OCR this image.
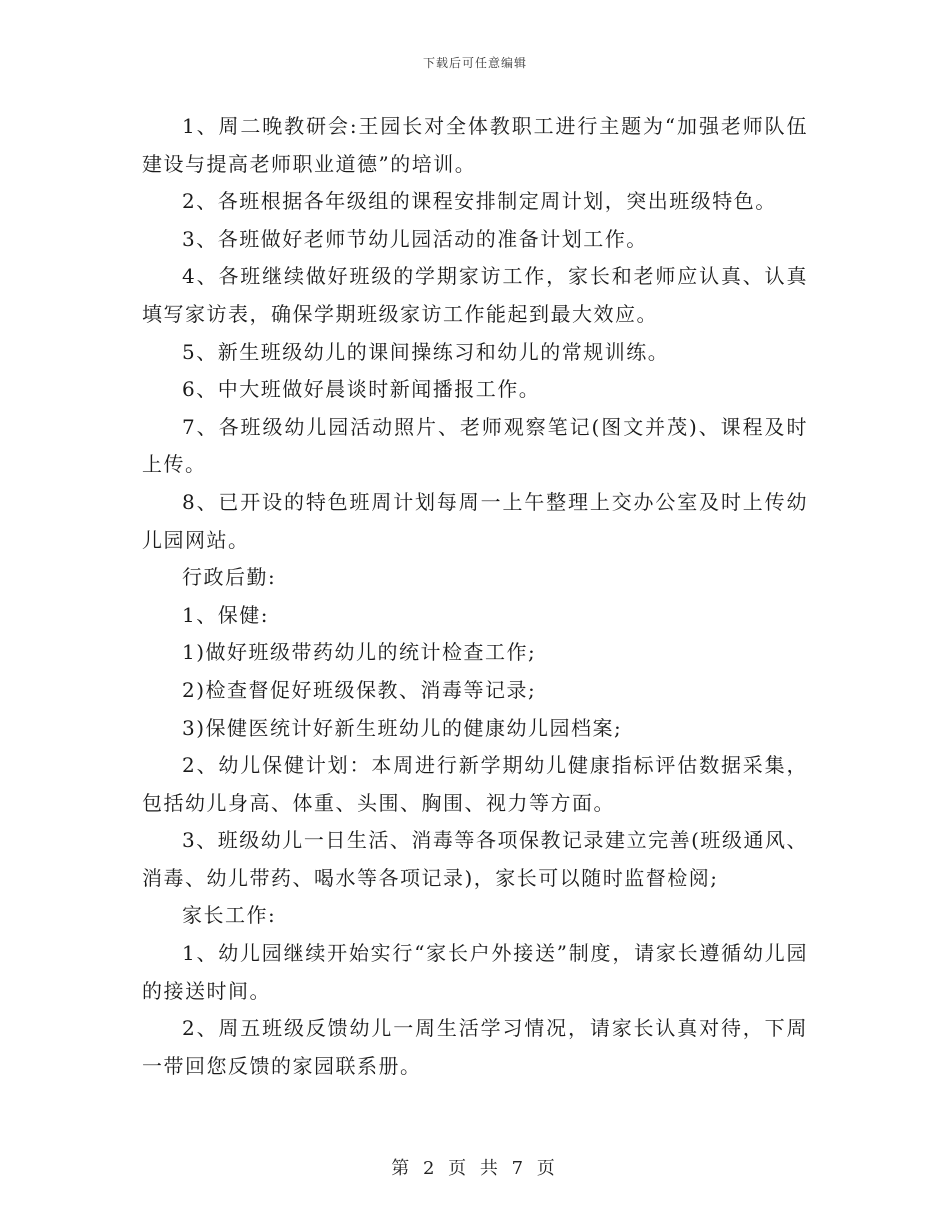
下载后可任意编辑

1、周二晚教研会:王园长对全体教职工进行主题为“加强老师队伍建设与提高老师职业道德”的培训。

2、各班根据各年级组的课程安排制定周计划，突出班级特色。

3、各班做好老师节幼儿园活动的准备计划工作。

4、各班继续做好班级的学期家访工作，家长和老师应认真、认真填写家访表，确保学期班级家访工作能起到最大效应。

5、新生班级幼儿的课间操练习和幼儿的常规训练。

6、中大班做好晨谈时新闻播报工作。

7、各班级幼儿园活动照片、老师观察笔记(图文并茂)、课程及时上传。

8、已开设的特色班周计划每周一上午整理上交办公室及时上传幼儿园网站。

行政后勤:

1、保健:

1)做好班级带药幼儿的统计检查工作;

2)检查督促好班级保教、消毒等记录;

3)保健医统计好新生班幼儿的健康幼儿园档案;

2、幼儿保健计划：本周进行新学期幼儿健康指标评估数据采集，包括幼儿身高、体重、头围、胸围、视力等方面。

3、班级幼儿一日生活、消毒等各项保教记录建立完善(班级通风、消毒、幼儿带药、喝水等各项记录)，家长可以随时监督检阅;

家长工作:

1、幼儿园继续开始实行“家长户外接送”制度，请家长遵循幼儿园的接送时间。

2、周五班级反馈幼儿一周生活学习情况，请家长认真对待，下周一带回您反馈的家园联系册。

第 2 页 共 7 页
